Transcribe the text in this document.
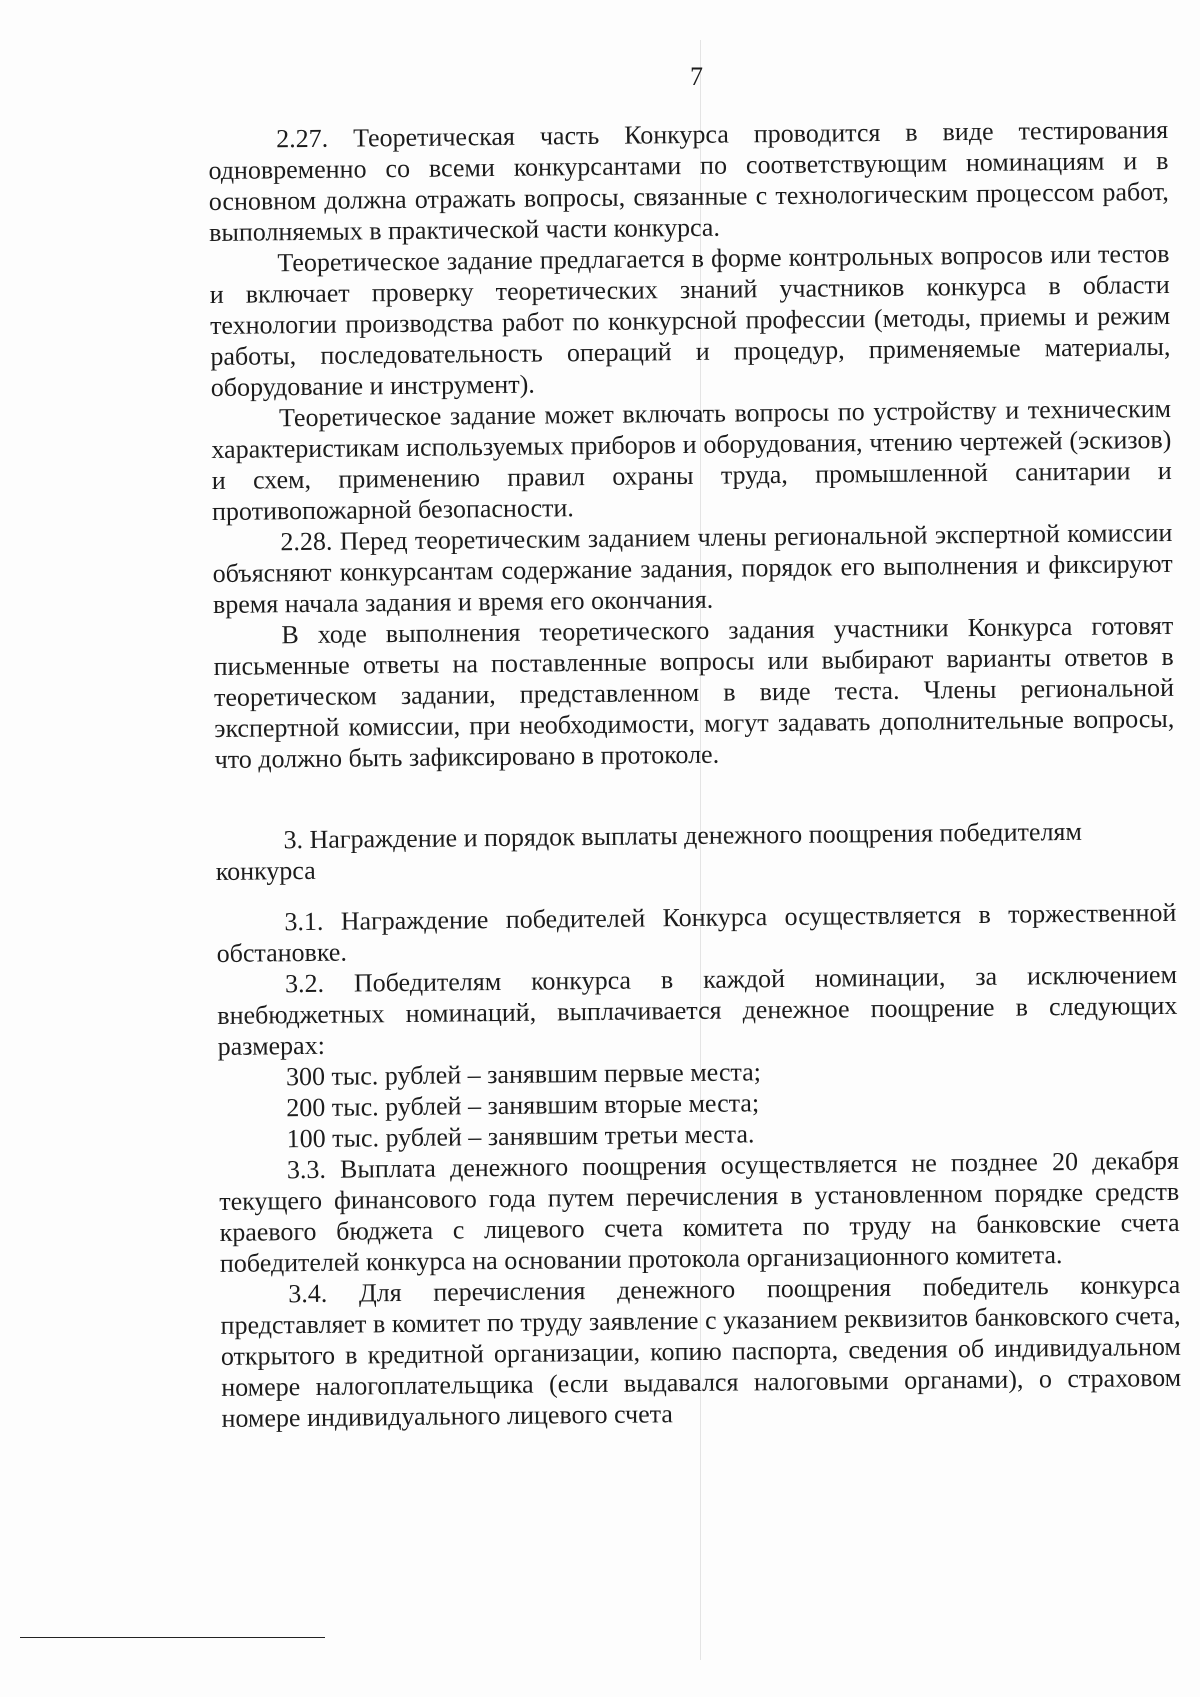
7

2.27. Теоретическая часть Конкурса проводится в виде тестирования одновременно со всеми конкурсантами по соответствующим номинациям и в основном должна отражать вопросы, связанные с технологическим процессом работ, выполняемых в практической части конкурса.

Теоретическое задание предлагается в форме контрольных вопросов или тестов и включает проверку теоретических знаний участников конкурса в области технологии производства работ по конкурсной профессии (методы, приемы и режим работы, последовательность операций и процедур, применяемые материалы, оборудование и инструмент).

Теоретическое задание может включать вопросы по устройству и техническим характеристикам используемых приборов и оборудования, чтению чертежей (эскизов) и схем, применению правил охраны труда, промышленной санитарии и противопожарной безопасности.

2.28. Перед теоретическим заданием члены региональной экспертной комиссии объясняют конкурсантам содержание задания, порядок его выполнения и фиксируют время начала задания и время его окончания.

В ходе выполнения теоретического задания участники Конкурса готовят письменные ответы на поставленные вопросы или выбирают варианты ответов в теоретическом задании, представленном в виде теста. Члены региональной экспертной комиссии, при необходимости, могут задавать дополнительные вопросы, что должно быть зафиксировано в протоколе.

3. Награждение и порядок выплаты денежного поощрения победителям конкурса

3.1. Награждение победителей Конкурса осуществляется в торжественной обстановке.

3.2. Победителям конкурса в каждой номинации, за исключением внебюджетных номинаций, выплачивается денежное поощрение в следующих размерах:

300 тыс. рублей – занявшим первые места;

200 тыс. рублей – занявшим вторые места;

100 тыс. рублей – занявшим третьи места.

3.3. Выплата денежного поощрения осуществляется не позднее 20 декабря текущего финансового года путем перечисления в установленном порядке средств краевого бюджета с лицевого счета комитета по труду на банковские счета победителей конкурса на основании протокола организационного комитета.

3.4. Для перечисления денежного поощрения победитель конкурса представляет в комитет по труду заявление с указанием реквизитов банковского счета, открытого в кредитной организации, копию паспорта, сведения об индивидуальном номере налогоплательщика (если выдавался налоговыми органами), о страховом номере индивидуального лицевого счета
